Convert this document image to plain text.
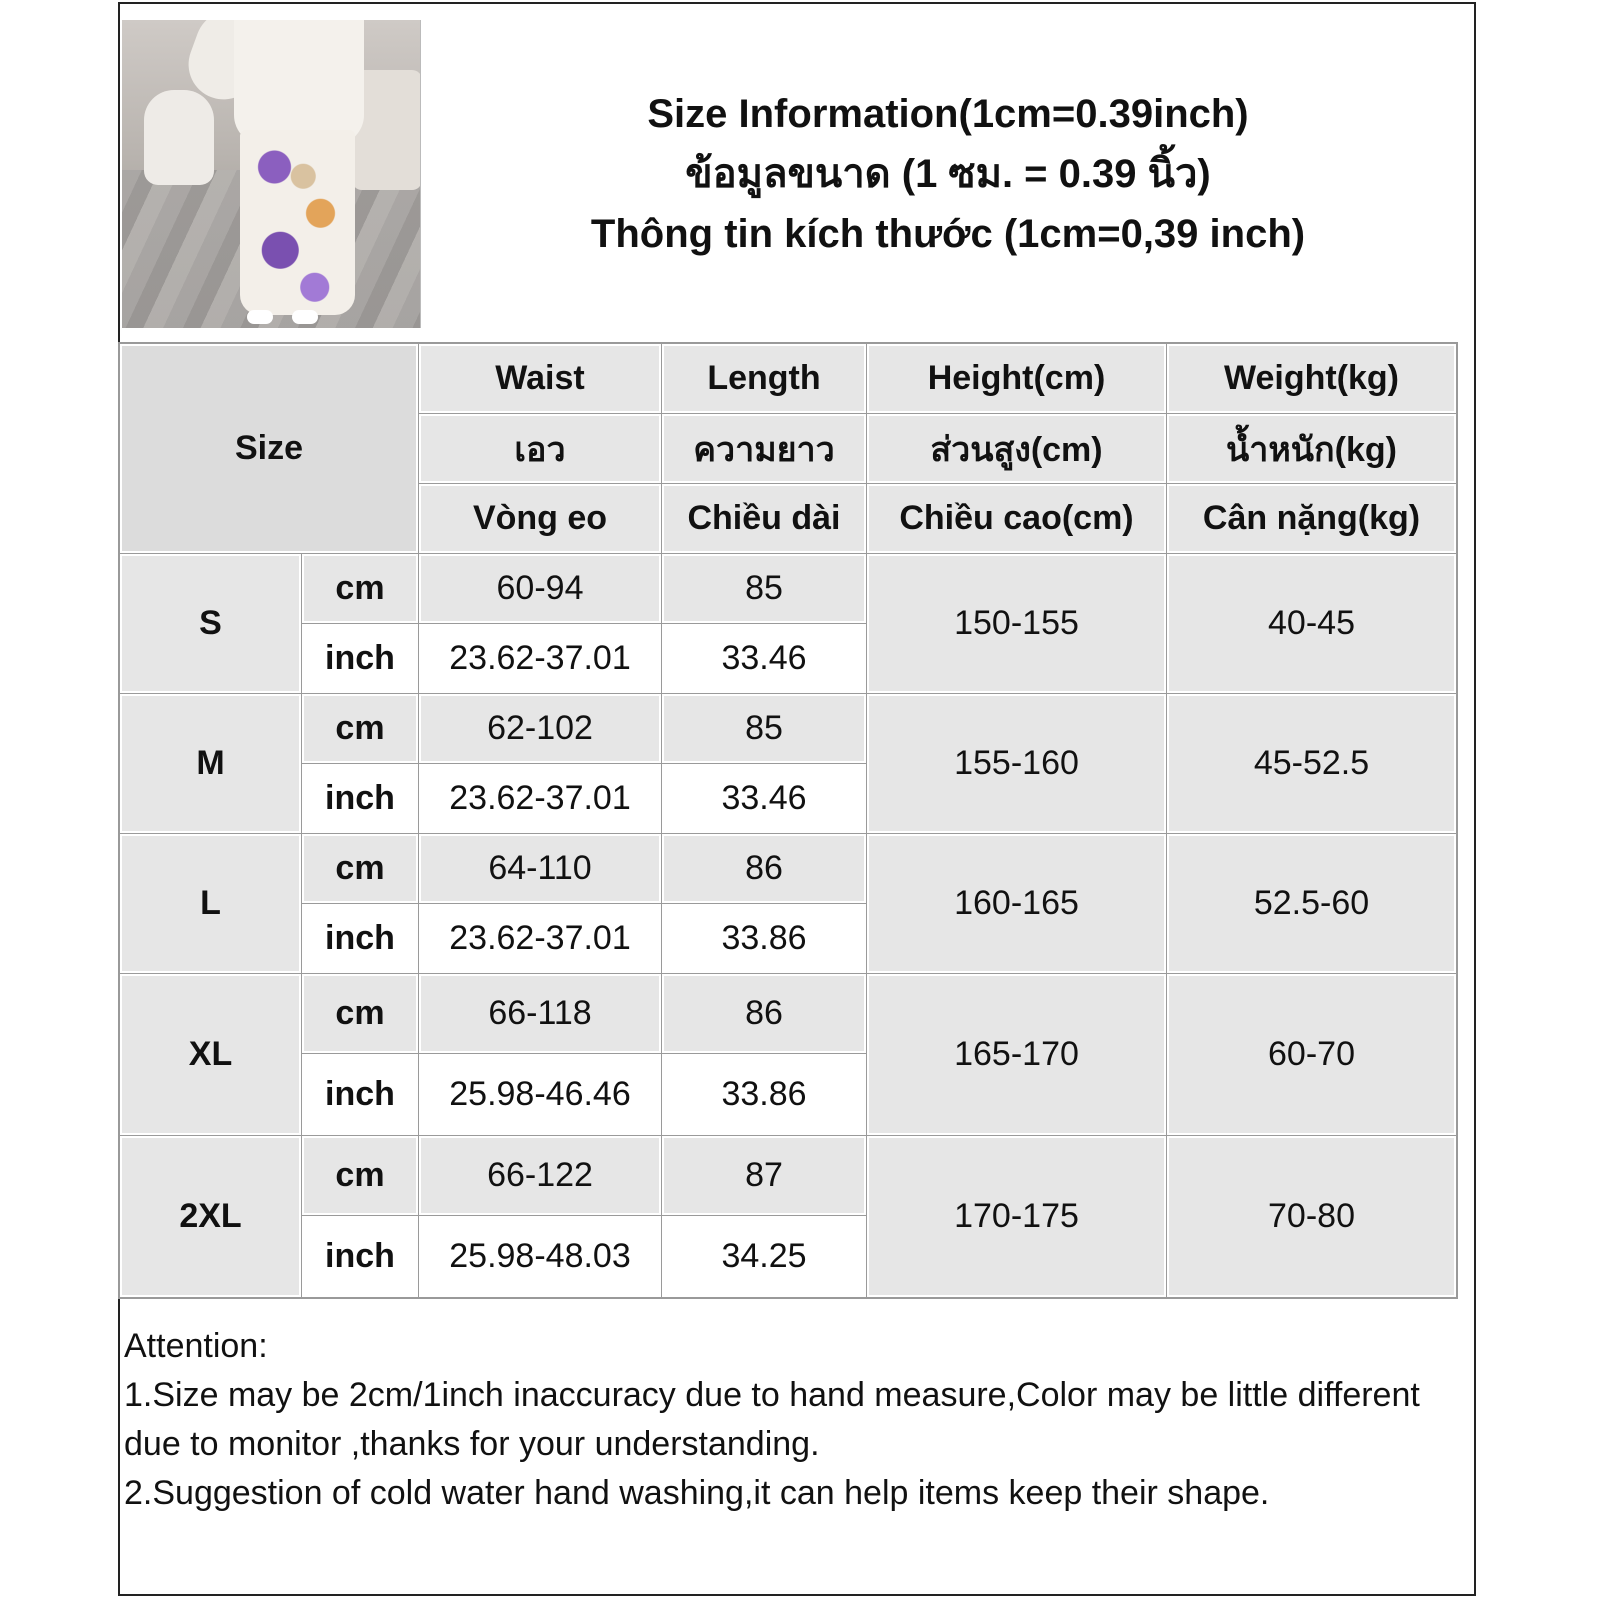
Size Information(1cm=0.39inch)
ข้อมูลขนาด (1 ซม. = 0.39 นิ้ว)
Thông tin kích thước (1cm=0,39 inch)
Size		Waist	Length	Height(cm)	Weight(kg)
		เอว	ความยาว	ส่วนสูง(cm)	น้ำหนัก(kg)
		Vòng eo	Chiều dài	Chiều cao(cm)	Cân nặng(kg)
S	cm	60-94	85	150-155	40-45
	inch	23.62-37.01	33.46		
M	cm	62-102	85	155-160	45-52.5
	inch	23.62-37.01	33.46		
L	cm	64-110	86	160-165	52.5-60
	inch	23.62-37.01	33.86		
XL	cm	66-118	86	165-170	60-70
	inch	25.98-46.46	33.86		
2XL	cm	66-122	87	170-175	70-80
	inch	25.98-48.03	34.25		
Attention:
1.Size may be 2cm/1inch inaccuracy due to hand measure,Color may be little different due to monitor ,thanks for your understanding.
2.Suggestion of cold water hand washing,it can help items keep their shape.
